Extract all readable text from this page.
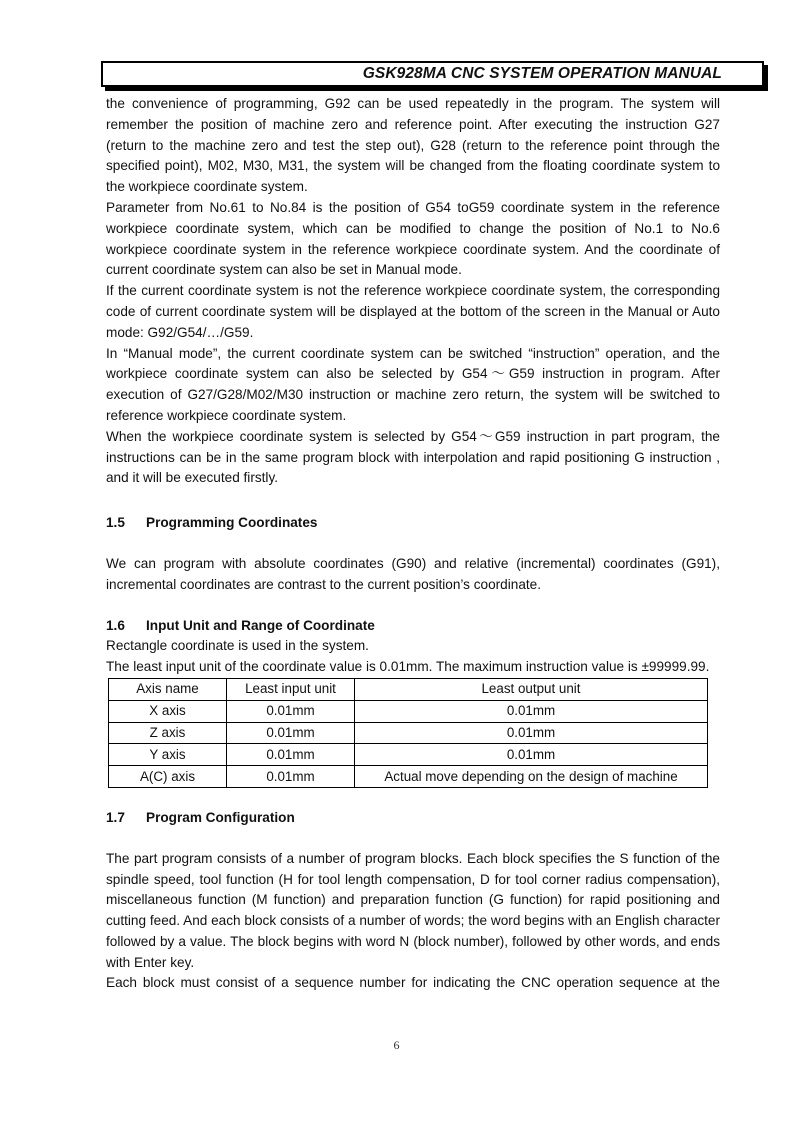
GSK928MA CNC SYSTEM OPERATION MANUAL

the convenience of programming, G92 can be used repeatedly in the program. The system will remember the position of machine zero and reference point. After executing the instruction G27 (return to the machine zero and test the step out), G28 (return to the reference point through the specified point), M02, M30, M31, the system will be changed from the floating coordinate system to the workpiece coordinate system.

Parameter from No.61 to No.84 is the position of G54 toG59 coordinate system in the reference workpiece coordinate system, which can be modified to change the position of No.1 to No.6 workpiece coordinate system in the reference workpiece coordinate system. And the coordinate of current coordinate system can also be set in Manual mode.

If the current coordinate system is not the reference workpiece coordinate system, the corresponding code of current coordinate system will be displayed at the bottom of the screen in the Manual or Auto mode: G92/G54/…/G59.

In “Manual mode”, the current coordinate system can be switched “instruction” operation, and the workpiece coordinate system can also be selected by G54～G59 instruction in program. After execution of G27/G28/M02/M30 instruction or machine zero return, the system will be switched to reference workpiece coordinate system.

When the workpiece coordinate system is selected by G54～G59 instruction in part program, the instructions can be in the same program block with interpolation and rapid positioning G instruction , and it will be executed firstly.

1.5 Programming Coordinates

We can program with absolute coordinates (G90) and relative (incremental) coordinates (G91), incremental coordinates are contrast to the current position’s coordinate.

1.6 Input Unit and Range of Coordinate

Rectangle coordinate is used in the system.

The least input unit of the coordinate value is 0.01mm. The maximum instruction value is ±99999.99.

Axis name	Least input unit	Least output unit
X axis	0.01mm	0.01mm
Z axis	0.01mm	0.01mm
Y axis	0.01mm	0.01mm
A(C) axis	0.01mm	Actual move depending on the design of machine
1.7 Program Configuration

The part program consists of a number of program blocks. Each block specifies the S function of the spindle speed, tool function (H for tool length compensation, D for tool corner radius compensation), miscellaneous function (M function) and preparation function (G function) for rapid positioning and cutting feed. And each block consists of a number of words; the word begins with an English character followed by a value. The block begins with word N (block number), followed by other words, and ends with Enter key.

Each block must consist of a sequence number for indicating the CNC operation sequence at the

6
